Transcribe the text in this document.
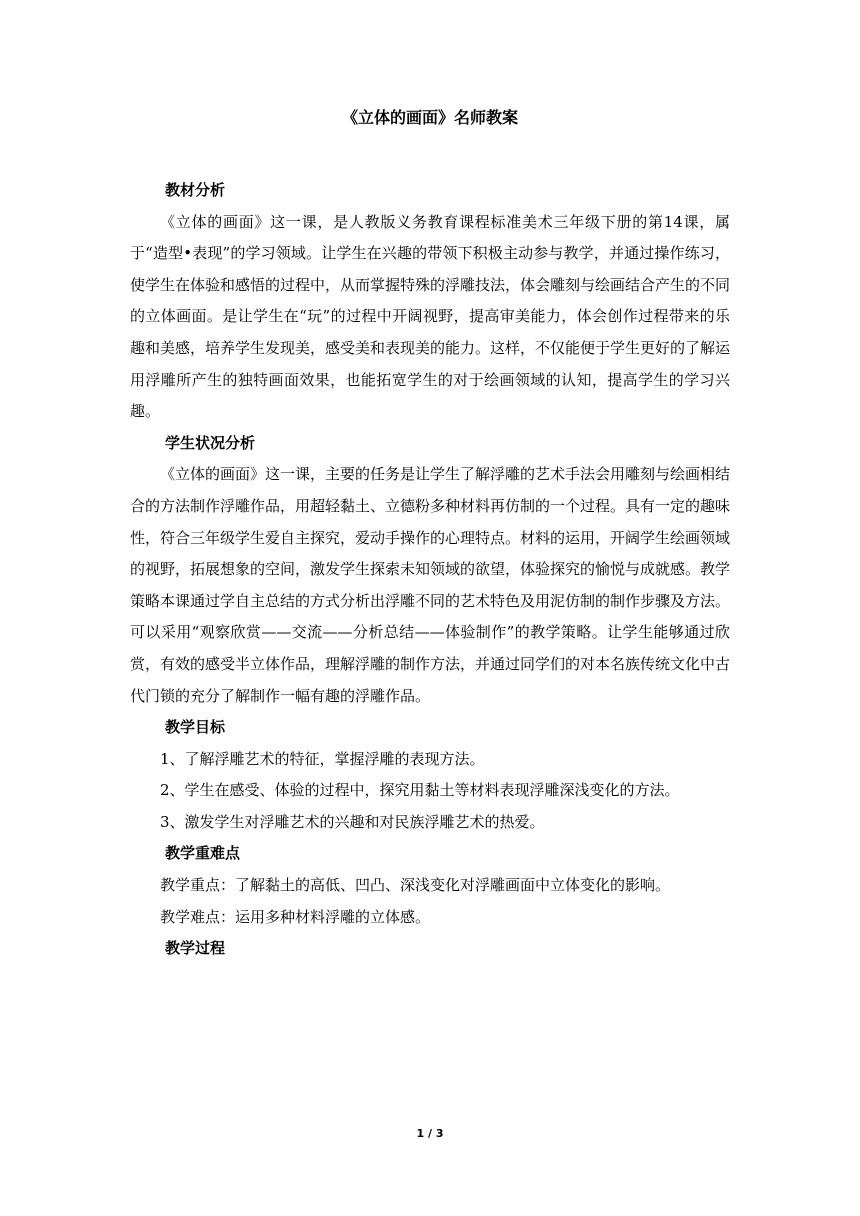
《立体的画面》名师教案

教材分析

《立体的画面》这一课，是人教版义务教育课程标准美术三年级下册的第14课，属于“造型•表现”的学习领域。让学生在兴趣的带领下积极主动参与教学，并通过操作练习，使学生在体验和感悟的过程中，从而掌握特殊的浮雕技法，体会雕刻与绘画结合产生的不同的立体画面。是让学生在“玩”的过程中开阔视野，提高审美能力，体会创作过程带来的乐趣和美感，培养学生发现美，感受美和表现美的能力。这样，不仅能便于学生更好的了解运用浮雕所产生的独特画面效果，也能拓宽学生的对于绘画领域的认知，提高学生的学习兴趣。

学生状况分析

《立体的画面》这一课，主要的任务是让学生了解浮雕的艺术手法会用雕刻与绘画相结合的方法制作浮雕作品，用超轻黏土、立德粉多种材料再仿制的一个过程。具有一定的趣味性，符合三年级学生爱自主探究，爱动手操作的心理特点。材料的运用，开阔学生绘画领域的视野，拓展想象的空间，激发学生探索未知领域的欲望，体验探究的愉悦与成就感。教学策略本课通过学自主总结的方式分析出浮雕不同的艺术特色及用泥仿制的制作步骤及方法。可以采用“观察欣赏——交流——分析总结——体验制作”的教学策略。让学生能够通过欣赏，有效的感受半立体作品，理解浮雕的制作方法，并通过同学们的对本名族传统文化中古代门锁的充分了解制作一幅有趣的浮雕作品。

教学目标

1、了解浮雕艺术的特征，掌握浮雕的表现方法。

2、学生在感受、体验的过程中，探究用黏土等材料表现浮雕深浅变化的方法。

3、激发学生对浮雕艺术的兴趣和对民族浮雕艺术的热爱。

教学重难点

教学重点：了解黏土的高低、凹凸、深浅变化对浮雕画面中立体变化的影响。

教学难点：运用多种材料浮雕的立体感。

教学过程

1 / 3
